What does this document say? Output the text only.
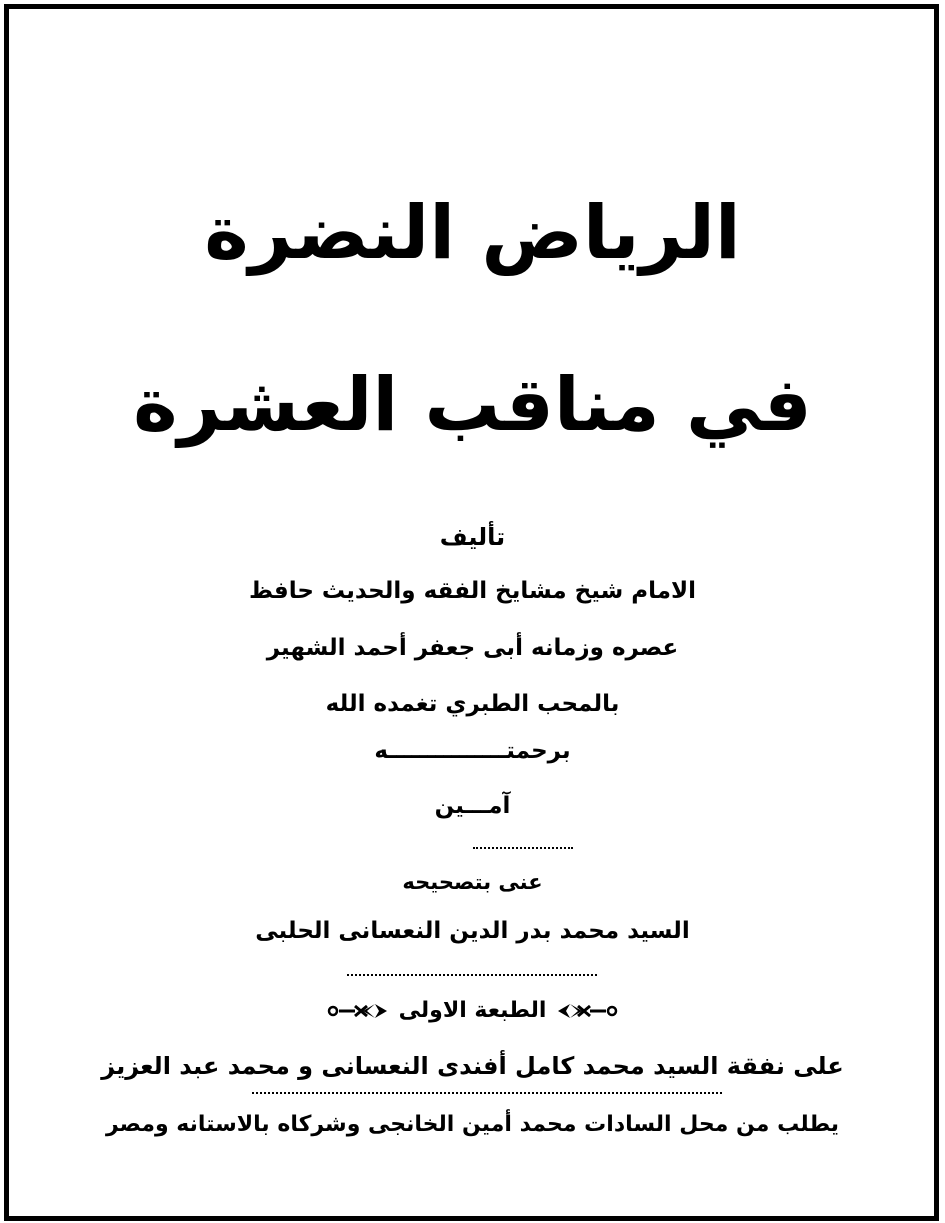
الرياض النضرة
في مناقب العشرة
تأليف
الامام شيخ مشايخ الفقه والحديث حافظ
عصره وزمانه أبى جعفر أحمد الشهير
بالمحب الطبري تغمده الله
برحمتـــــــــــــــه
آمـــين
عنى بتصحيحه
السيد محمد بدر الدين النعسانى الحلبى
الطبعة الاولى
على نفقة السيد محمد كامل أفندى النعسانى و محمد عبد العزيز
يطلب من محل السادات محمد أمين الخانجى وشركاه بالاستانه ومصر
